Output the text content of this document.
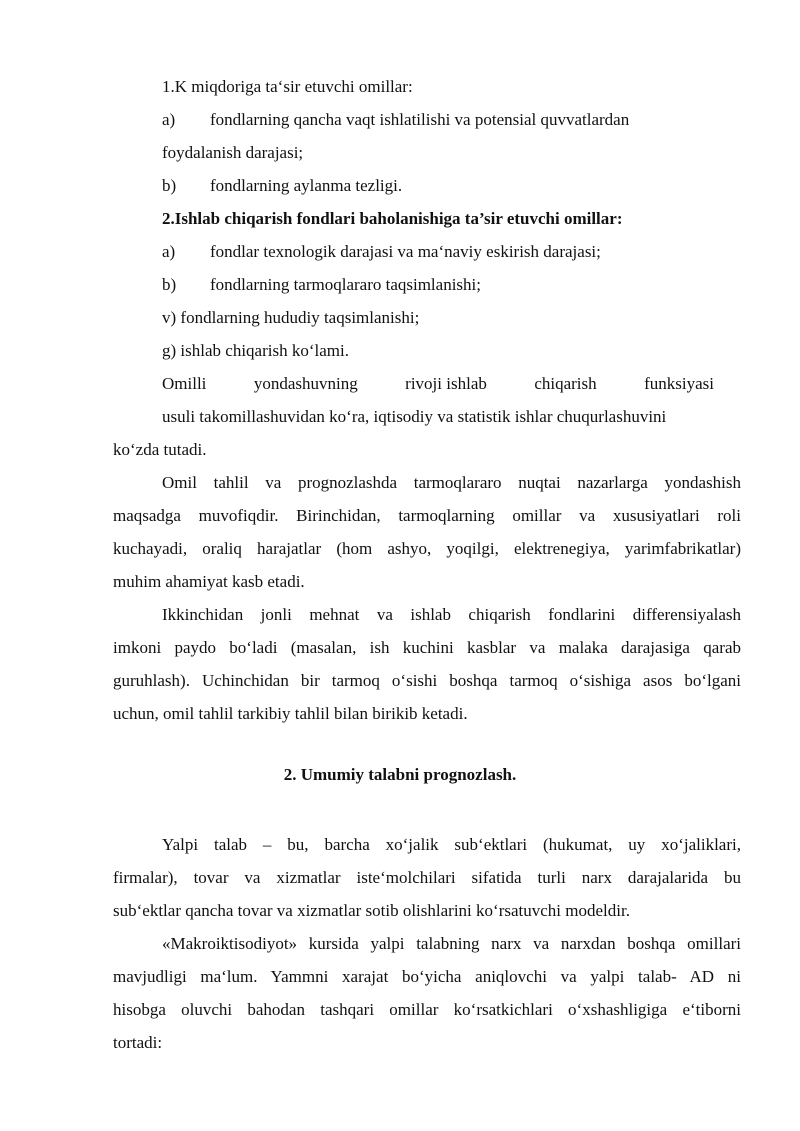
1.K miqdoriga ta‘sir etuvchi omillar:
a) fondlarning qancha vaqt ishlatilishi va potensial quvvatlardan
foydalanish darajasi;
b) fondlarning aylanma tezligi.
2.Ishlab chiqarish fondlari baholanishiga ta’sir etuvchi omillar:
a) fondlar texnologik darajasi va ma‘naviy eskirish darajasi;
b) fondlarning tarmoqlararo taqsimlanishi;
v) fondlarning hududiy taqsimlanishi;
g) ishlab chiqarish ko‘lami.
Omilli	yondashuvning	rivoji ishlab	chiqarish	funksiyasi
usuli takomillashuvidan ko‘ra, iqtisodiy va statistik ishlar chuqurlashuvini
ko‘zda tutadi.
Omil tahlil va prognozlashda tarmoqlararo nuqtai nazarlarga yondashish
maqsadga muvofiqdir. Birinchidan, tarmoqlarning omillar va xususiyatlari roli
kuchayadi, oraliq harajatlar (hom ashyo, yoqilgi, elektrenegiya, yarimfabrikatlar)
muhim ahamiyat kasb etadi.
Ikkinchidan jonli mehnat va ishlab chiqarish fondlarini differensiyalash
imkoni paydo bo‘ladi (masalan, ish kuchini kasblar va malaka darajasiga qarab
guruhlash). Uchinchidan bir tarmoq o‘sishi boshqa tarmoq o‘sishiga asos bo‘lgani
uchun, omil tahlil tarkibiy tahlil bilan birikib ketadi.
2. Umumiy talabni prognozlash.
Yalpi talab – bu, barcha xo‘jalik sub‘ektlari (hukumat, uy xo‘jaliklari,
firmalar), tovar va xizmatlar iste‘molchilari sifatida turli narx darajalarida bu
sub‘ektlar qancha tovar va xizmatlar sotib olishlarini ko‘rsatuvchi modeldir.
«Makroiktisodiyot» kursida yalpi talabning narx va narxdan boshqa omillari
mavjudligi ma‘lum. Yammni xarajat bo‘yicha aniqlovchi va yalpi talab- AD ni
hisobga oluvchi bahodan tashqari omillar ko‘rsatkichlari o‘xshashligiga e‘tiborni
tortadi:
